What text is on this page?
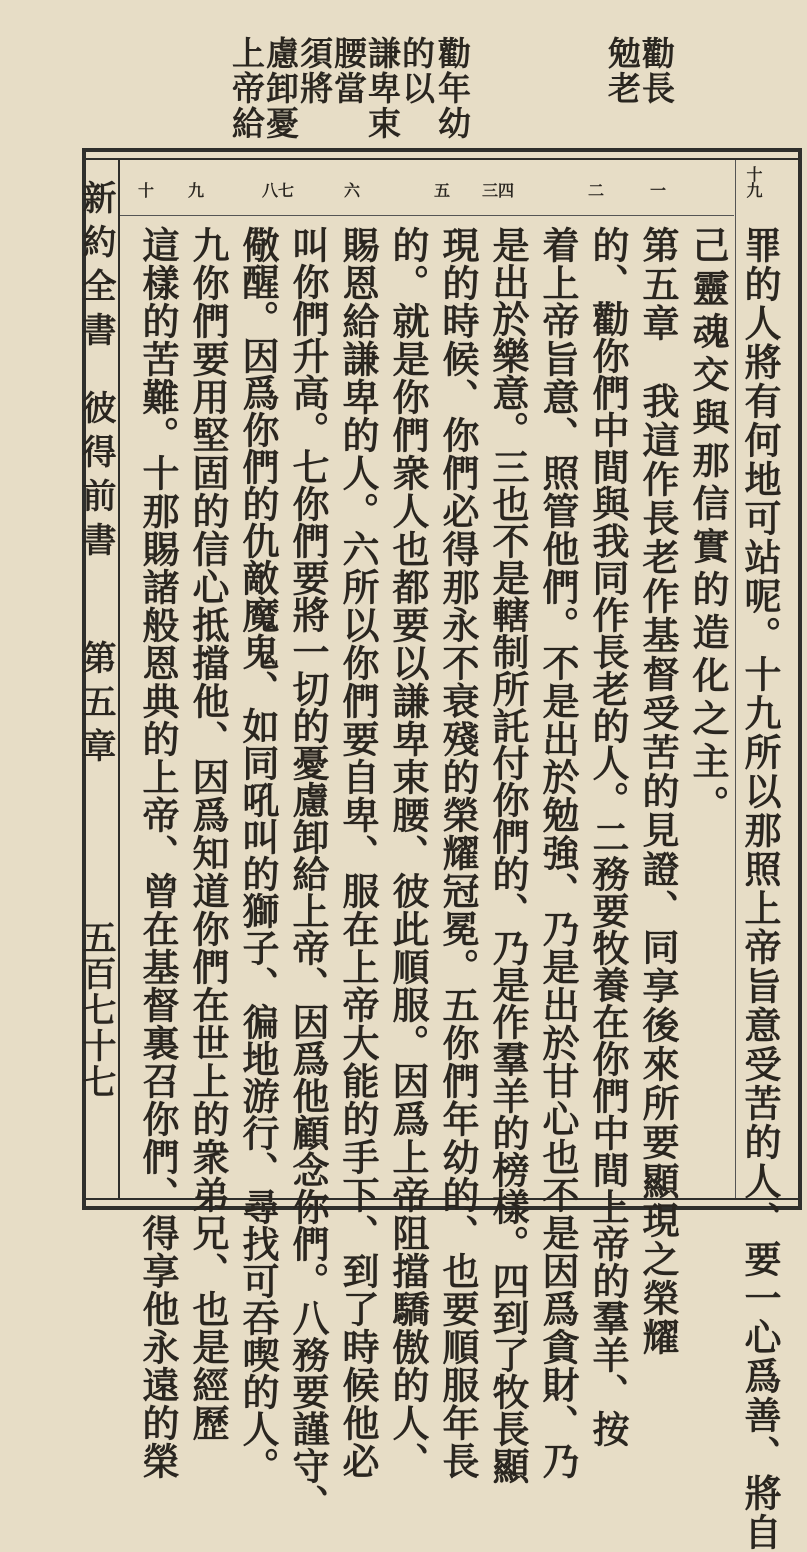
勸長
勉老
勸年幼
的以
謙卑束
腰當
須將
慮卸憂
上帝給
十九
一
二
三四
五
六
八七
九
十
罪的人將有何地可站呢。十九所以那照上帝旨意受苦的人、要一心爲善、將自
己靈魂交與那信實的造化之主。
第五章　我這作長老作基督受苦的見證、同享後來所要顯現之榮耀
的、勸你們中間與我同作長老的人。二務要牧養在你們中間上帝的羣羊、按
着上帝旨意、照管他們。不是出於勉強、乃是出於甘心也不是因爲貪財、乃
是出於樂意。三也不是轄制所託付你們的、乃是作羣羊的榜樣。四到了牧長顯
現的時候、你們必得那永不衰殘的榮耀冠冕。五你們年幼的、也要順服年長
的。就是你們衆人也都要以謙卑束腰、彼此順服。因爲上帝阻擋驕傲的人、
賜恩給謙卑的人。六所以你們要自卑、服在上帝大能的手下、到了時候他必
叫你們升高。七你們要將一切的憂慮卸給上帝、因爲他顧念你們。八務要謹守、
儆醒。因爲你們的仇敵魔鬼、如同吼叫的獅子、徧地游行、尋找可吞喫的人。
九你們要用堅固的信心抵擋他、因爲知道你們在世上的衆弟兄、也是經歷
這樣的苦難。十那賜諸般恩典的上帝、曾在基督裏召你們、得享他永遠的榮
新約全書
彼得前書
第五章
五百七十七
